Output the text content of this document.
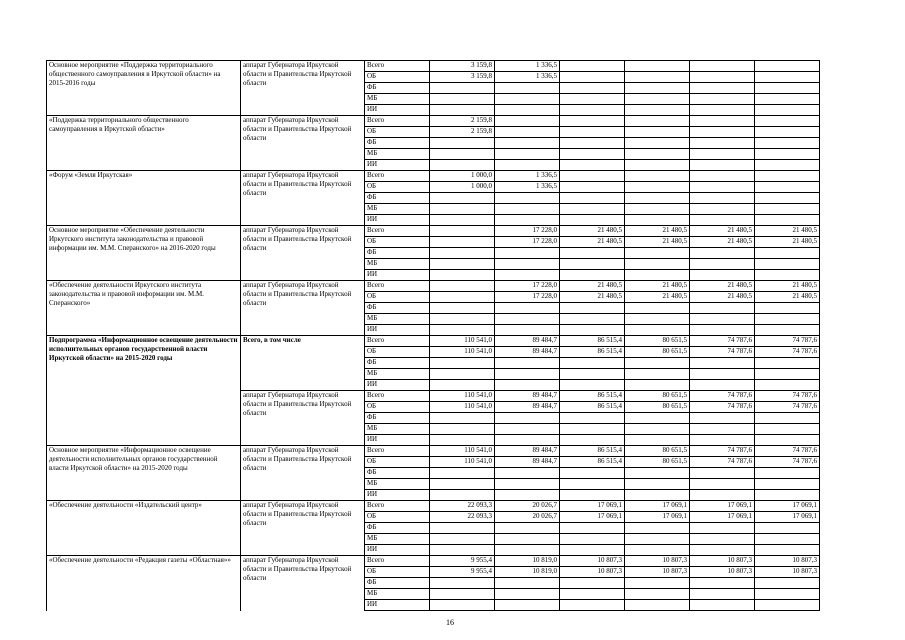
Основное мероприятие «Поддержка территориального общественного самоуправления в Иркутской области» на 2015-2016 годы	аппарат Губернатора Иркутской области и Правительства Иркутской области	Всего	3 159,8	1 336,5				
		ОБ	3 159,8	1 336,5				
		ФБ						
		МБ						
		ИИ						
«Поддержка территориального общественного самоуправления в Иркутской области»	аппарат Губернатора Иркутской области и Правительства Иркутской области	Всего	2 159,8					
		ОБ	2 159,8					
		ФБ						
		МБ						
		ИИ						
«Форум «Земля Иркутская»	аппарат Губернатора Иркутской области и Правительства Иркутской области	Всего	1 000,0	1 336,5				
		ОБ	1 000,0	1 336,5				
		ФБ						
		МБ						
		ИИ						
Основное мероприятие «Обеспечение деятельности Иркутского института законодательства и правовой информации им. М.М. Сперанского» на 2016-2020 годы	аппарат Губернатора Иркутской области и Правительства Иркутской области	Всего		17 228,0	21 480,5	21 480,5	21 480,5	21 480,5
		ОБ		17 228,0	21 480,5	21 480,5	21 480,5	21 480,5
		ФБ						
		МБ						
		ИИ						
«Обеспечение деятельности Иркутского института законодательства и правовой информации им. М.М. Сперанского»	аппарат Губернатора Иркутской области и Правительства Иркутской области	Всего		17 228,0	21 480,5	21 480,5	21 480,5	21 480,5
		ОБ		17 228,0	21 480,5	21 480,5	21 480,5	21 480,5
		ФБ						
		МБ						
		ИИ						
Подпрограмма «Информационное освещение деятельности исполнительных органов государственной власти Иркутской области» на 2015-2020 годы	Всего, в том числе	Всего	110 541,0	89 484,7	86 515,4	80 651,5	74 787,6	74 787,6
		ОБ	110 541,0	89 484,7	86 515,4	80 651,5	74 787,6	74 787,6
		ФБ						
		МБ						
		ИИ						
	аппарат Губернатора Иркутской области и Правительства Иркутской области	Всего	110 541,0	89 484,7	86 515,4	80 651,5	74 787,6	74 787,6
		ОБ	110 541,0	89 484,7	86 515,4	80 651,5	74 787,6	74 787,6
		ФБ						
		МБ						
		ИИ						
Основное мероприятие «Информационное освещение деятельности исполнительных органов государственной власти Иркутской области» на 2015-2020 годы	аппарат Губернатора Иркутской области и Правительства Иркутской области	Всего	110 541,0	89 484,7	86 515,4	80 651,5	74 787,6	74 787,6
		ОБ	110 541,0	89 484,7	86 515,4	80 651,5	74 787,6	74 787,6
		ФБ						
		МБ						
		ИИ						
«Обеспечение деятельности «Издательский центр»	аппарат Губернатора Иркутской области и Правительства Иркутской области	Всего	22 093,3	20 026,7	17 069,1	17 069,1	17 069,1	17 069,1
		ОБ	22 093,3	20 026,7	17 069,1	17 069,1	17 069,1	17 069,1
		ФБ						
		МБ						
		ИИ						
«Обеспечение деятельности «Редакция газеты «Областная»»	аппарат Губернатора Иркутской области и Правительства Иркутской области	Всего	9 955,4	10 819,0	10 807,3	10 807,3	10 807,3	10 807,3
		ОБ	9 955,4	10 819,0	10 807,3	10 807,3	10 807,3	10 807,3
		ФБ						
		МБ						
		ИИ						
16
